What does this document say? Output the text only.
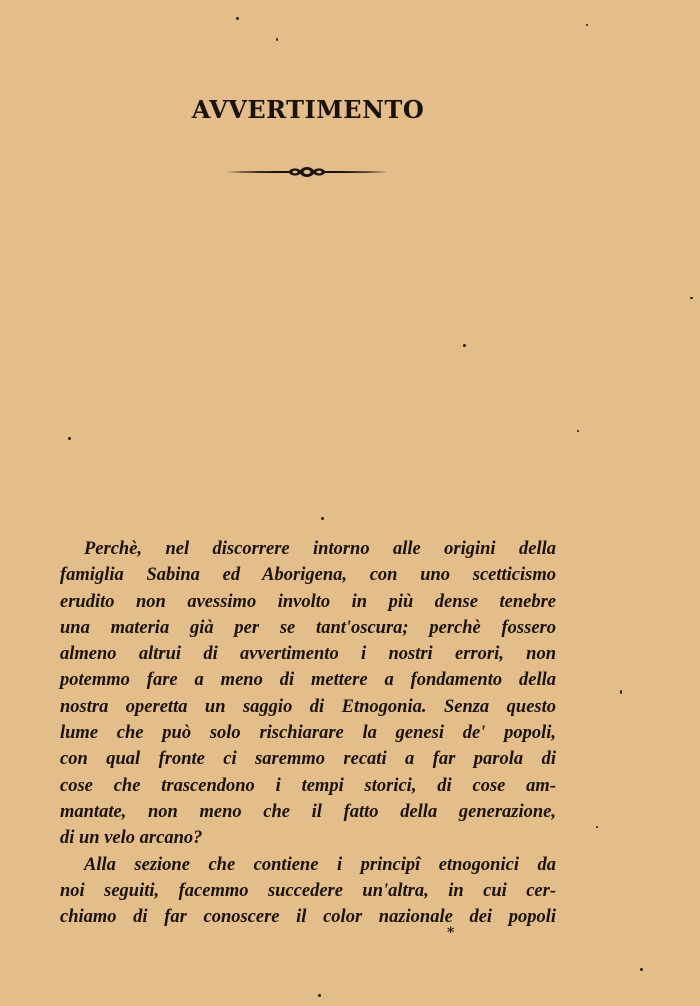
AVVERTIMENTO
Perchè, nel discorrere intorno alle origini della
famiglia Sabina ed Aborigena, con uno scetticismo
erudito non avessimo involto in più dense tenebre
una materia già per se tant'oscura; perchè fossero
almeno altrui di avvertimento i nostri errori, non
potemmo fare a meno di mettere a fondamento della
nostra operetta un saggio di Etnogonia. Senza questo
lume che può solo rischiarare la genesi de' popoli,
con qual fronte ci saremmo recati a far parola di
cose che trascendono i tempi storici, di cose am-
mantate, non meno che il fatto della generazione,
di un velo arcano?
Alla sezione che contiene i principî etnogonici da
noi seguiti, facemmo succedere un'altra, in cui cer-
chiamo di far conoscere il color nazionale dei popoli
*
